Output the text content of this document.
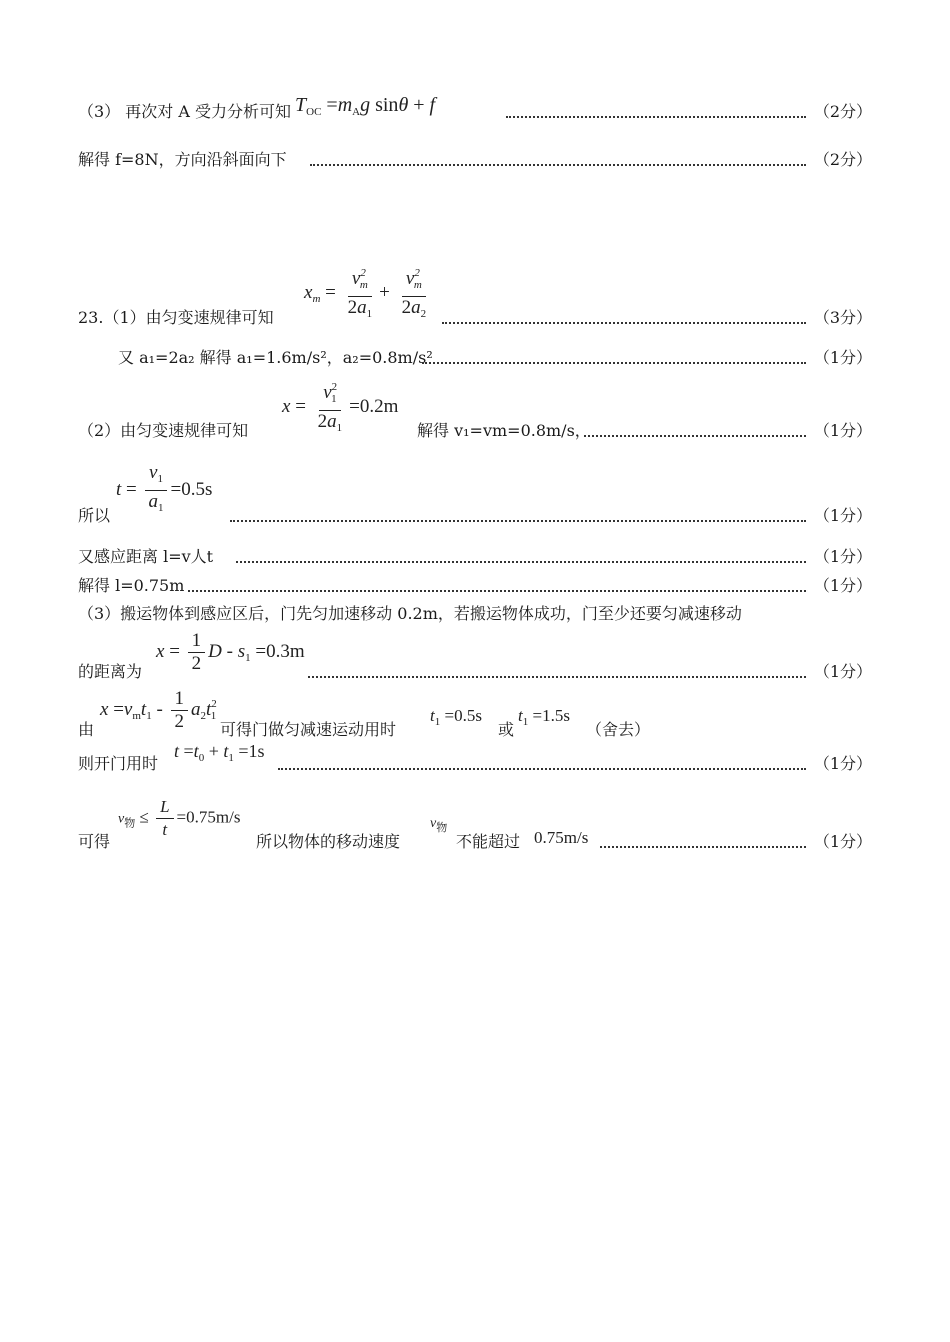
（3） 再次对 A 受力分析可知 $T_{OC} =m_Ag$ sinθ + f	（2分）
解得 f=8N，方向沿斜面向下	（2分）
23.（1）由匀变速规律可知
$x_m = \frac{v^2_m}{2a_1} + \frac{v^2_m}{2a_2}$	（3分）
又 a₁=2a₂ 解得 a₁=1.6m/s²，a₂=0.8m/s²	（1分）
（2）由匀变速规律可知
$x = \frac{v^2_1}{2a_1} =0.2m$
解得 v₁=vm=0.8m/s，	（1分）
所以
$t = \frac{v_1}{a_1} =0.5s$
（1分）
又感应距离 l=v人t	（1分）
解得 l=0.75m	（1分）
（3）搬运物体到感应区后，门先匀加速移动 0.2m，若搬运物体成功，门至少还要匀减速移动
的距离为
$x = \frac{1}{2}$ $D - s_1 =0.3m$
（1分）
由
$x =v_mt_1 - \frac{1}{2} a_2t^2_1$
可得门做匀减速运动用时
$t_1 =0.5s$
或
$t_1 =1.5s$
（舍去）
则开门用时
$t =t_0 + t_1 =1s$
（1分）
可得
$v_物 \le \frac{L}{t} =0.75m/s$
所以物体的移动速度
$v_物$
不能超过 0.75m/s	（1分）
